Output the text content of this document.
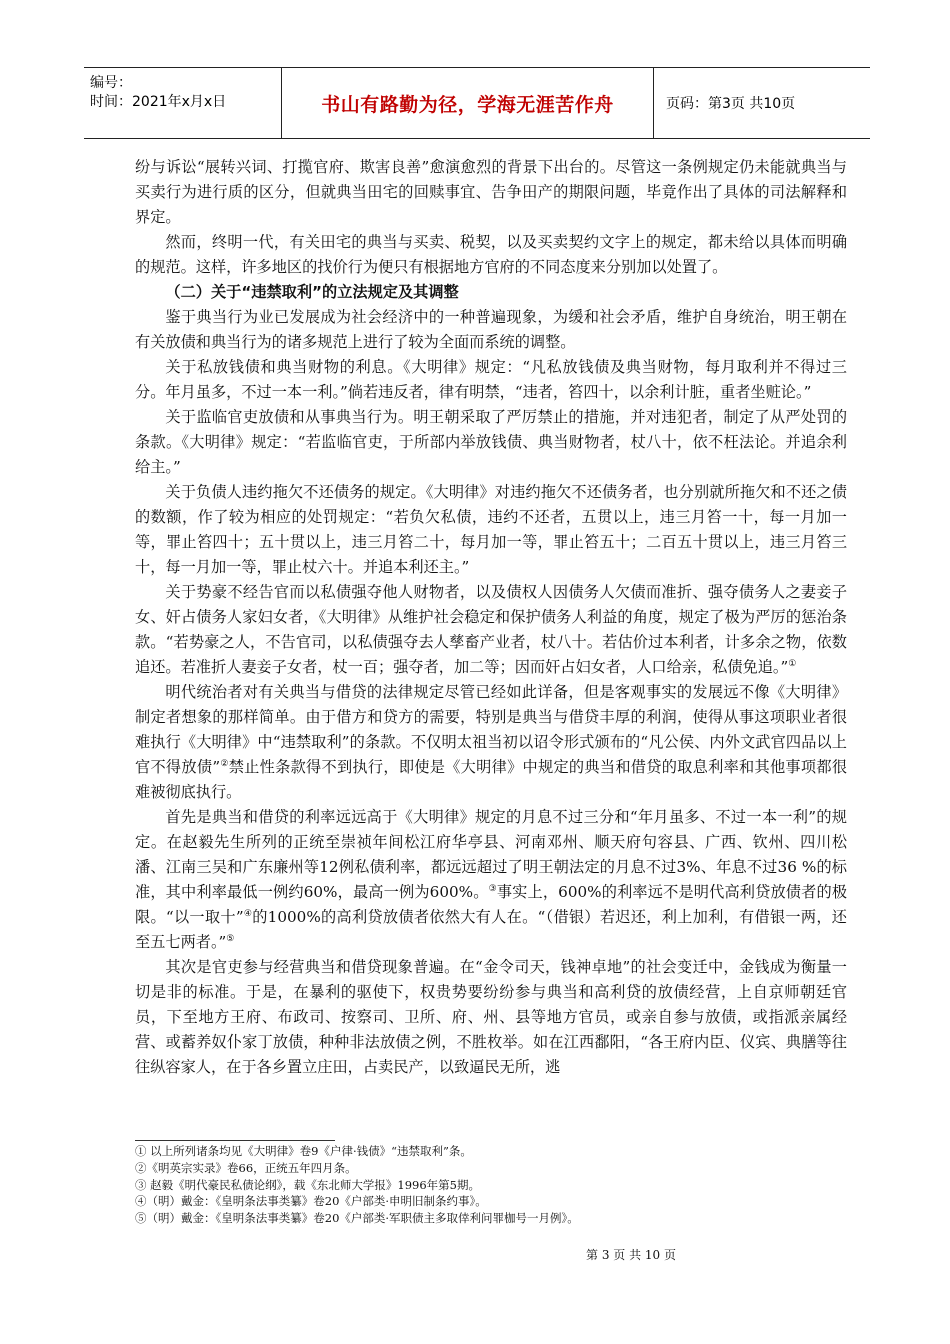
编号：
时间：2021年x月x日	书山有路勤为径，学海无涯苦作舟	页码：第3页 共10页

纷与诉讼“展转兴词、打揽官府、欺害良善”愈演愈烈的背景下出台的。尽管这一条例规定仍未能就典当与买卖行为进行质的区分，但就典当田宅的回赎事宜、告争田产的期限问题，毕竟作出了具体的司法解释和界定。

然而，终明一代，有关田宅的典当与买卖、税契，以及买卖契约文字上的规定，都未给以具体而明确的规范。这样，许多地区的找价行为便只有根据地方官府的不同态度来分别加以处置了。

（二）关于“违禁取利”的立法规定及其调整

鉴于典当行为业已发展成为社会经济中的一种普遍现象，为缓和社会矛盾，维护自身统治，明王朝在有关放债和典当行为的诸多规范上进行了较为全面而系统的调整。

关于私放钱债和典当财物的利息。《大明律》规定：“凡私放钱债及典当财物，每月取利并不得过三分。年月虽多，不过一本一利。”倘若违反者，律有明禁，“违者，笞四十，以余利计脏，重者坐赃论。”

关于监临官吏放债和从事典当行为。明王朝采取了严厉禁止的措施，并对违犯者，制定了从严处罚的条款。《大明律》规定：“若监临官吏，于所部内举放钱债、典当财物者，杖八十，依不枉法论。并追余利给主。”

关于负债人违约拖欠不还债务的规定。《大明律》对违约拖欠不还债务者，也分别就所拖欠和不还之债的数额，作了较为相应的处罚规定：“若负欠私债，违约不还者，五贯以上，违三月笞一十，每一月加一等，罪止笞四十；五十贯以上，违三月笞二十，每月加一等，罪止笞五十；二百五十贯以上，违三月笞三十，每一月加一等，罪止杖六十。并追本利还主。”

关于势豪不经告官而以私债强夺他人财物者，以及债权人因债务人欠债而准折、强夺债务人之妻妾子女、奸占债务人家妇女者，《大明律》从维护社会稳定和保护债务人利益的角度，规定了极为严厉的惩治条款。“若势豪之人，不告官司，以私债强夺去人孳畜产业者，杖八十。若估价过本利者，计多余之物，依数追还。若准折人妻妾子女者，杖一百；强夺者，加二等；因而奸占妇女者，人口给亲，私债免追。”①

明代统治者对有关典当与借贷的法律规定尽管已经如此详备，但是客观事实的发展远不像《大明律》制定者想象的那样简单。由于借方和贷方的需要，特别是典当与借贷丰厚的利润，使得从事这项职业者很难执行《大明律》中“违禁取利”的条款。不仅明太祖当初以诏令形式颁布的“凡公侯、内外文武官四品以上官不得放债”②禁止性条款得不到执行，即使是《大明律》中规定的典当和借贷的取息利率和其他事项都很难被彻底执行。

首先是典当和借贷的利率远远高于《大明律》规定的月息不过三分和“年月虽多、不过一本一利”的规定。在赵毅先生所列的正统至崇祯年间松江府华亭县、河南邓州、顺天府句容县、广西、钦州、四川松潘、江南三吴和广东廉州等12例私债利率，都远远超过了明王朝法定的月息不过3%、年息不过36 %的标准，其中利率最低一例约60%，最高一例为600%。③事实上，600%的利率远不是明代高利贷放债者的极限。“以一取十”④的1000%的高利贷放债者依然大有人在。“（借银）若迟还，利上加利，有借银一两，还至五七两者。”⑤

其次是官吏参与经营典当和借贷现象普遍。在“金令司天，钱神卓地”的社会变迁中，金钱成为衡量一切是非的标准。于是，在暴利的驱使下，权贵势要纷纷参与典当和高利贷的放债经营，上自京师朝廷官员，下至地方王府、布政司、按察司、卫所、府、州、县等地方官员，或亲自参与放债，或指派亲属经营、或蓄养奴仆家丁放债，种种非法放债之例，不胜枚举。如在江西鄱阳，“各王府内臣、仪宾、典膳等往往纵容家人，在于各乡置立庄田，占卖民产，以致逼民无所，逃

① 以上所列诸条均见《大明律》卷9《户律·钱债》“违禁取利”条。

②《明英宗实录》卷66，正统五年四月条。

③ 赵毅《明代豪民私债论纲》，载《东北师大学报》1996年第5期。

④（明）戴金：《皇明条法事类纂》卷20《户部类·申明旧制条约事》。

⑤（明）戴金：《皇明条法事类纂》卷20《户部类·军职债主多取倖利问罪枷号一月例》。

第 3 页 共 10 页
